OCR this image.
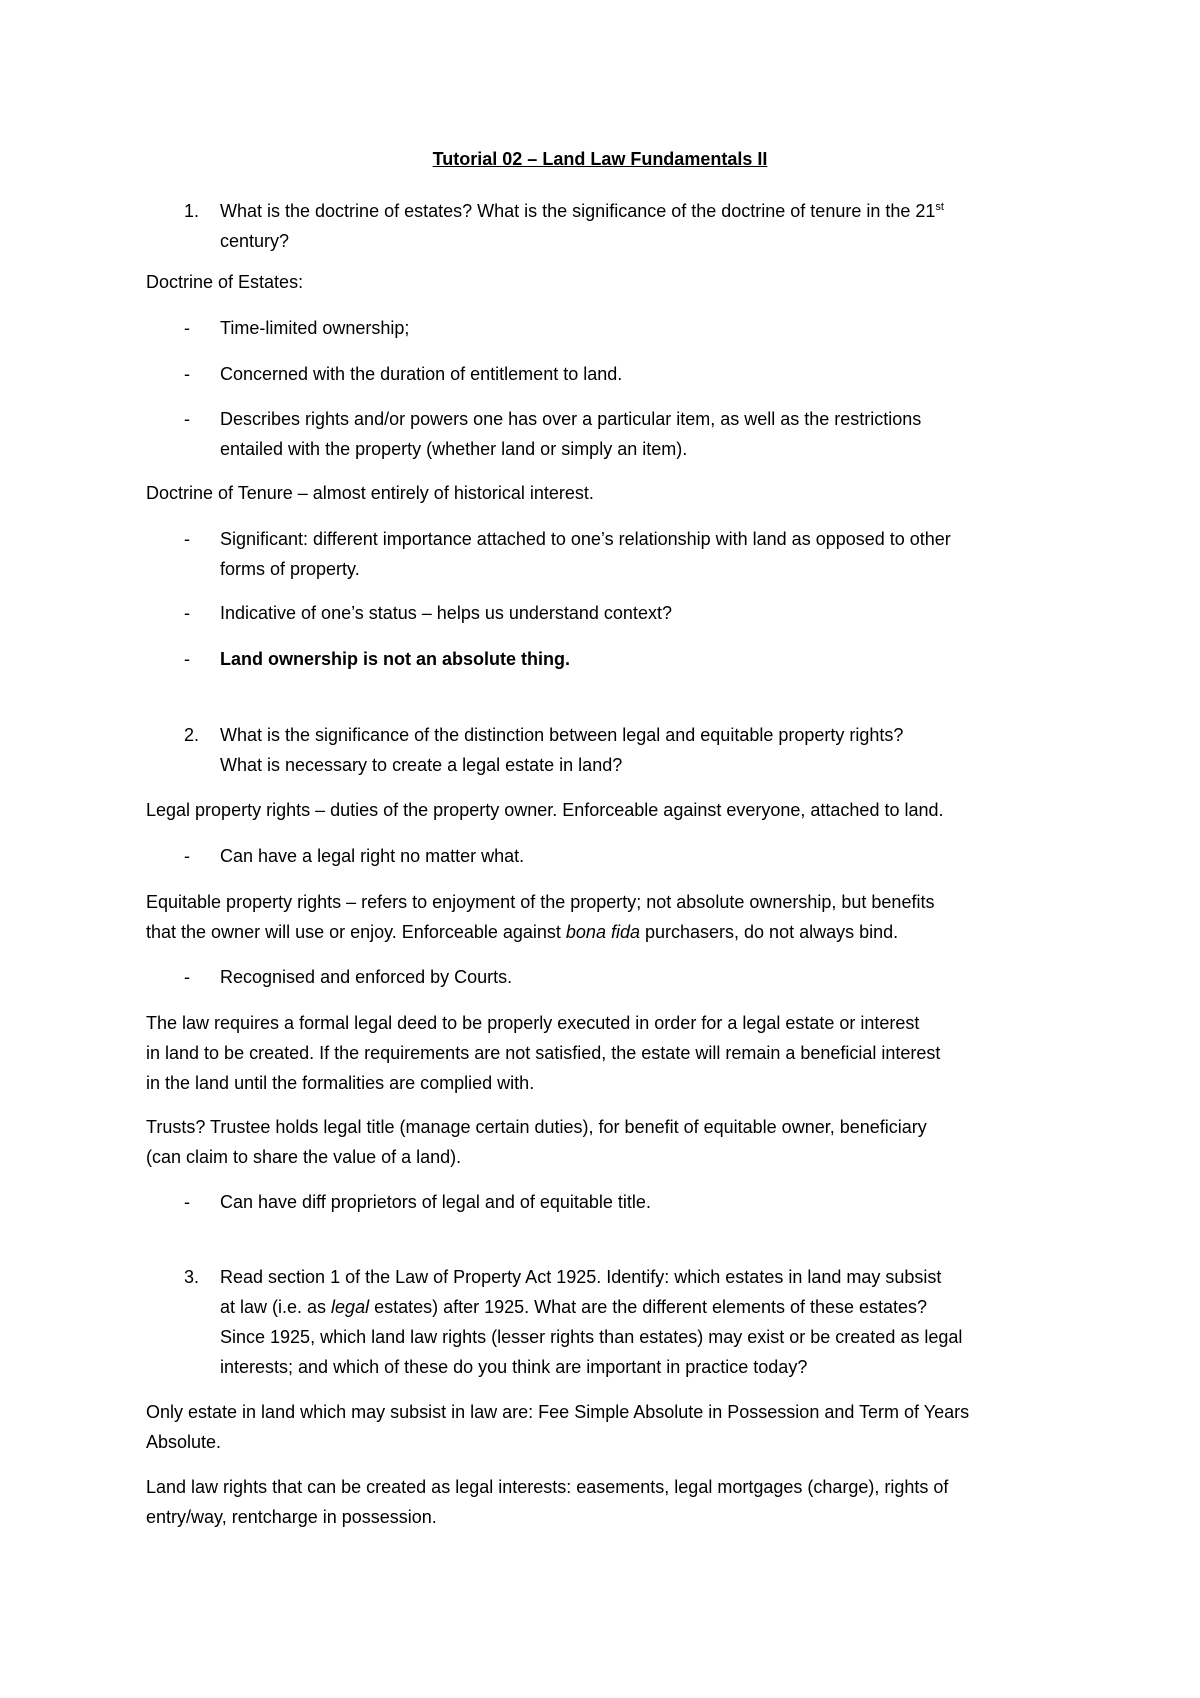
Tutorial 02 – Land Law Fundamentals II
1. What is the doctrine of estates? What is the significance of the doctrine of tenure in the 21st
century?
Doctrine of Estates:
- Time-limited ownership;
- Concerned with the duration of entitlement to land.
- Describes rights and/or powers one has over a particular item, as well as the restrictions
entailed with the property (whether land or simply an item).
Doctrine of Tenure – almost entirely of historical interest.
- Significant: different importance attached to one’s relationship with land as opposed to other
forms of property.
- Indicative of one’s status – helps us understand context?
- Land ownership is not an absolute thing.
2. What is the significance of the distinction between legal and equitable property rights?
What is necessary to create a legal estate in land?
Legal property rights – duties of the property owner. Enforceable against everyone, attached to land.
- Can have a legal right no matter what.
Equitable property rights – refers to enjoyment of the property; not absolute ownership, but benefits
that the owner will use or enjoy. Enforceable against bona fida purchasers, do not always bind.
- Recognised and enforced by Courts.
The law requires a formal legal deed to be properly executed in order for a legal estate or interest
in land to be created. If the requirements are not satisfied, the estate will remain a beneficial interest
in the land until the formalities are complied with.
Trusts? Trustee holds legal title (manage certain duties), for benefit of equitable owner, beneficiary
(can claim to share the value of a land).
- Can have diff proprietors of legal and of equitable title.
3. Read section 1 of the Law of Property Act 1925. Identify: which estates in land may subsist
at law (i.e. as legal estates) after 1925. What are the different elements of these estates?
Since 1925, which land law rights (lesser rights than estates) may exist or be created as legal
interests; and which of these do you think are important in practice today?
Only estate in land which may subsist in law are: Fee Simple Absolute in Possession and Term of Years
Absolute.
Land law rights that can be created as legal interests: easements, legal mortgages (charge), rights of
entry/way, rentcharge in possession.
